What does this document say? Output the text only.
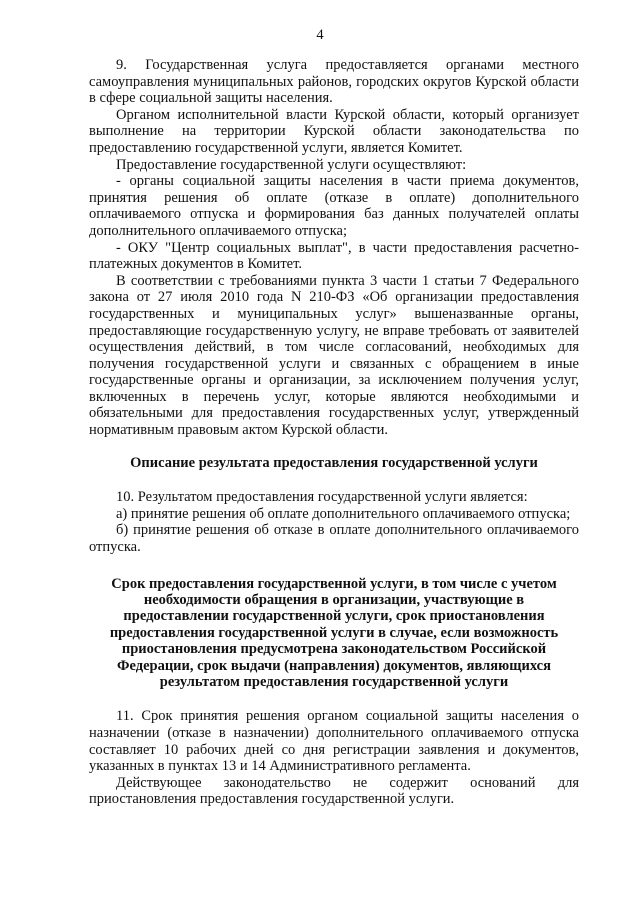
4

9. Государственная услуга предоставляется органами местного самоуправления муниципальных районов, городских округов Курской области в сфере социальной защиты населения.

Органом исполнительной власти Курской области, который организует выполнение на территории Курской области законодательства по предоставлению государственной услуги, является Комитет.

Предоставление государственной услуги осуществляют:

- органы социальной защиты населения в части приема документов, принятия решения об оплате (отказе в оплате) дополнительного оплачиваемого отпуска и формирования баз данных получателей оплаты дополнительного оплачиваемого отпуска;

- ОКУ "Центр социальных выплат", в части предоставления расчетно-платежных документов в Комитет.

В соответствии с требованиями пункта 3 части 1 статьи 7 Федерального закона от 27 июля 2010 года N 210-ФЗ «Об организации предоставления государственных и муниципальных услуг» вышеназванные органы, предоставляющие государственную услугу, не вправе требовать от заявителей осуществления действий, в том числе согласований, необходимых для получения государственной услуги и связанных с обращением в иные государственные органы и организации, за исключением получения услуг, включенных в перечень услуг, которые являются необходимыми и обязательными для предоставления государственных услуг, утвержденный нормативным правовым актом Курской области.

Описание результата предоставления государственной услуги

10. Результатом предоставления государственной услуги является:

а) принятие решения об оплате дополнительного оплачиваемого отпуска;

б) принятие решения об отказе в оплате дополнительного оплачиваемого отпуска.

Срок предоставления государственной услуги, в том числе с учетом необходимости обращения в организации, участвующие в предоставлении государственной услуги, срок приостановления предоставления государственной услуги в случае, если возможность приостановления предусмотрена законодательством Российской Федерации, срок выдачи (направления) документов, являющихся результатом предоставления государственной услуги

11. Срок принятия решения органом социальной защиты населения о назначении (отказе в назначении) дополнительного оплачиваемого отпуска составляет 10 рабочих дней со дня регистрации заявления и документов, указанных в пунктах 13 и 14 Административного регламента.

Действующее законодательство не содержит оснований для приостановления предоставления государственной услуги.
